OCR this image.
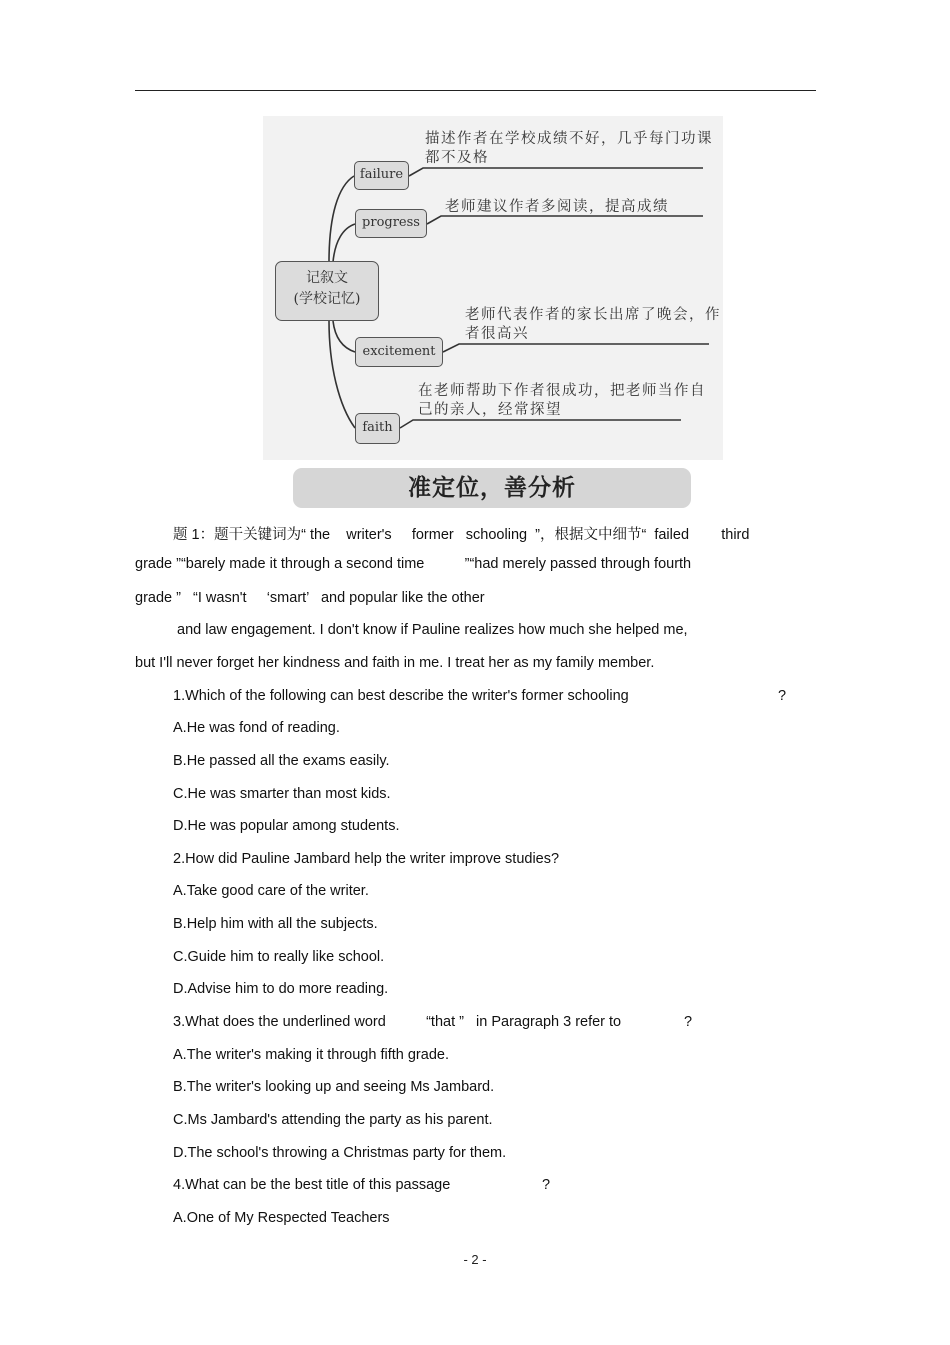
记叙文
(学校记忆)
failure
progress
excitement
faith
描述作者在学校成绩不好，几乎每门功课都不及格
老师建议作者多阅读，提高成绩
老师代表作者的家长出席了晚会，作者很高兴
在老师帮助下作者很成功，把老师当作自己的亲人，经常探望
准定位，善分析
题 1：题干关键词为“ the    writer's     former   schooling  ”，根据文中细节“  failed        third
grade ”“barely made it through a second time          ”“had merely passed through fourth
grade ”   “I wasn't     ‘smart’   and popular like the other
and law engagement. I don't know if Pauline realizes how much she helped me,
but I'll never forget her kindness and faith in me. I treat her as my family member.
1.Which of the following can best describe the writer's former schooling	?
A.He was fond of reading.
B.He passed all the exams easily.
C.He was smarter than most kids.
D.He was popular among students.
2.How did Pauline Jambard help the writer improve studies?
A.Take good care of the writer.
B.Help him with all the subjects.
C.Guide him to really like school.
D.Advise him to do more reading.
3.What does the underlined word          “that ”   in Paragraph 3 refer to	?
A.The writer's making it through fifth grade.
B.The writer's looking up and seeing Ms Jambard.
C.Ms Jambard's attending the party as his parent.
D.The school's throwing a Christmas party for them.
4.What can be the best title of this passage	?
A.One of My Respected Teachers
- 2 -
